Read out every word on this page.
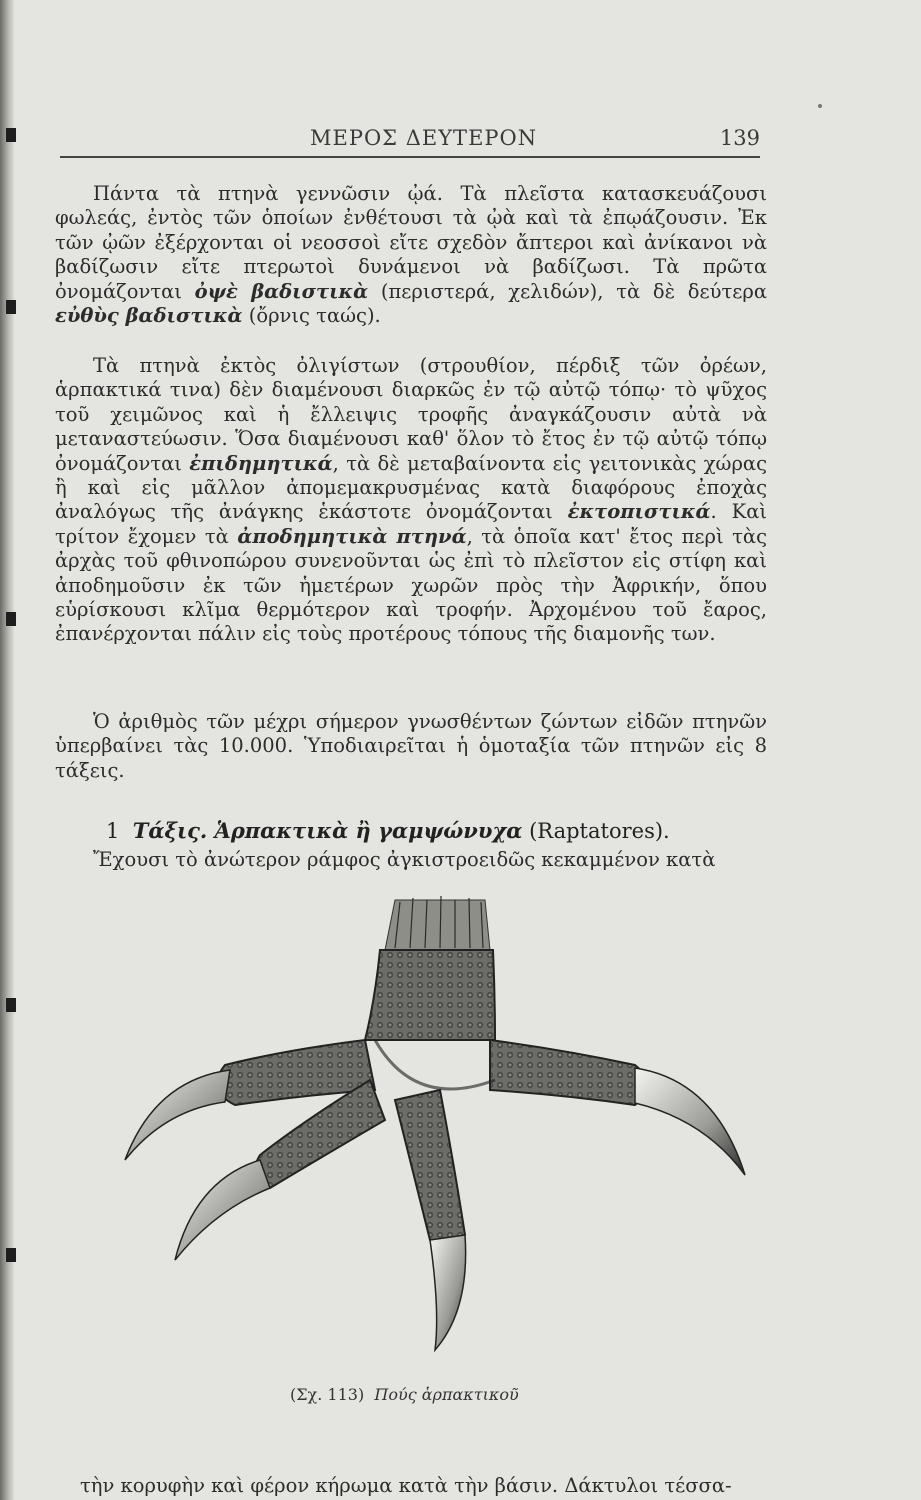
ΜΕΡΟΣ ΔΕΥΤΕΡΟΝ	139
Πάντα τὰ πτηνὰ γεννῶσιν ᾠά. Τὰ πλεῖστα κατασκευάζουσι φωλεάς, ἐντὸς τῶν ὁποίων ἐνθέτουσι τὰ ᾠὰ καὶ τὰ ἐπῳάζουσιν. Ἐκ τῶν ᾠῶν ἐξέρχονται οἱ νεοσσοὶ εἴτε σχεδὸν ἄπτεροι καὶ ἀνίκανοι νὰ βαδίζωσιν εἴτε πτερωτοὶ δυνάμενοι νὰ βαδίζωσι. Τὰ πρῶτα ὀνομάζονται ὀψὲ βαδιστικὰ (περιστερά, χελιδών), τὰ δὲ δεύτερα εὐθὺς βαδιστικὰ (ὄρνις ταώς).
Τὰ πτηνὰ ἐκτὸς ὀλιγίστων (στρουθίον, πέρδιξ τῶν ὀρέων, ἁρπακτικά τινα) δὲν διαμένουσι διαρκῶς ἐν τῷ αὐτῷ τόπῳ· τὸ ψῦχος τοῦ χειμῶνος καὶ ἡ ἔλλειψις τροφῆς ἀναγκάζουσιν αὐτὰ νὰ μεταναστεύωσιν. Ὅσα διαμένουσι καθ' ὅλον τὸ ἔτος ἐν τῷ αὐτῷ τόπῳ ὀνομάζονται ἐπιδημητικά, τὰ δὲ μεταβαίνοντα εἰς γειτονικὰς χώρας ἢ καὶ εἰς μᾶλλον ἀπομεμακρυσμένας κατὰ διαφόρους ἐποχὰς ἀναλόγως τῆς ἀνάγκης ἑκάστοτε ὀνομάζονται ἐκτοπιστικά. Καὶ τρίτον ἔχομεν τὰ ἀποδημητικὰ πτηνά, τὰ ὁποῖα κατ' ἔτος περὶ τὰς ἀρχὰς τοῦ φθινοπώρου συνενοῦνται ὡς ἐπὶ τὸ πλεῖστον εἰς στίφη καὶ ἀποδημοῦσιν ἐκ τῶν ἡμετέρων χωρῶν πρὸς τὴν Ἀφρικήν, ὅπου εὑρίσκουσι κλῖμα θερμότερον καὶ τροφήν. Ἀρχομένου τοῦ ἔαρος, ἐπανέρχονται πάλιν εἰς τοὺς προτέρους τόπους τῆς διαμονῆς των.
Ὁ ἀριθμὸς τῶν μέχρι σήμερον γνωσθέντων ζώντων εἰδῶν πτηνῶν ὑπερβαίνει τὰς 10.000. Ὑποδιαιρεῖται ἡ ὁμοταξία τῶν πτηνῶν εἰς 8 τάξεις.
1 Τάξις. Ἁρπακτικὰ ἢ γαμψώνυχα (Raptatores).
Ἔχουσι τὸ ἀνώτερον ράμφος ἀγκιστροειδῶς κεκαμμένον κατὰ
(Σχ. 113) Πούς ἁρπακτικοῦ
τὴν κορυφὴν καὶ φέρον κήρωμα κατὰ τὴν βάσιν. Δάκτυλοι τέσσα-
